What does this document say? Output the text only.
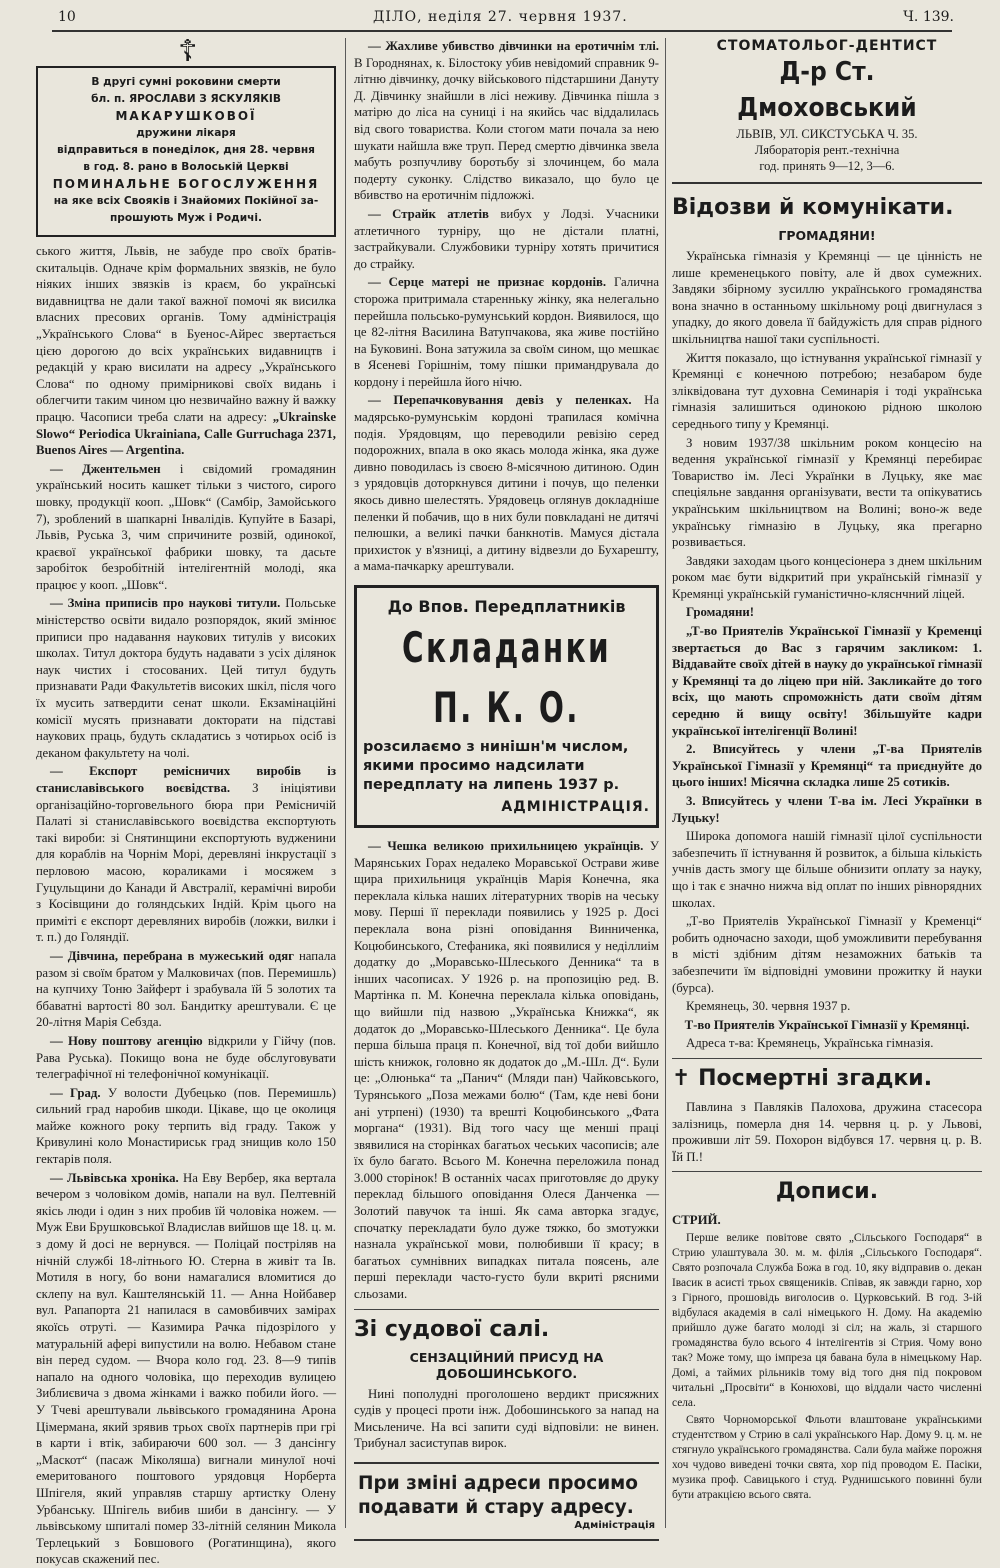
10	ДІЛО, неділя 27. червня 1937.	Ч. 139.
☦
В другі сумні роковини смерти
бл. п. ЯРОСЛАВИ З ЯСКУЛЯКІВ
МАКАРУШКОВОЇ
дружини лікаря
відправиться в понеділок, дня 28. червня
в год. 8. рано в Волоській Церкві
ПОМИНАЛЬНЕ БОГОСЛУЖЕННЯ
на яке всіх Свояків і Знайомих Покійної за-
прошують Муж і Родичі.

ського життя, Львів, не забуде про своїх братів-скитальців. Одначе крім формальних звязків, не було ніяких інших звязків із краєм, бо українські видавництва не дали такої важної помочі як висилка власних пресових органів. Тому адміністрація „Українського Слова“ в Буенос-Айрес звертається цією дорогою до всіх українських видавництв і редакцій у краю висилати на адресу „Українського Слова“ по одному примірникові своїх видань і облегчити таким чином цю незвичайно важну й важку працю. Часописи треба слати на адресу: „Ukrainske Slowo“ Periodica Ukrainiana, Calle Gurruchaga 2371, Buenos Aires — Argentina.

— Джентельмен і свідомий громадянин український носить кашкет тільки з чистого, сирого шовку, продукції кооп. „Шовк“ (Самбір, Замойського 7), зроблений в шапкарні Інвалідів. Купуйте в Базарі, Львів, Руська 3, чим спричините розвій, одинокої, краєвої української фабрики шовку, та дасьте заробіток безробітній інтелігентній молоді, яка працює у кооп. „Шовк“.

— Зміна приписів про наукові титули. Польське міністерство освіти видало розпорядок, який змінює приписи про надавання наукових титулів у високих школах. Титул доктора будуть надавати з усіх ділянок наук чистих і стосованих. Цей титул будуть признавати Ради Факультетів високих шкіл, після чого їх мусить затвердити сенат школи. Екзамінаційні комісії мусять признавати докторати на підставі наукових праць, будуть складатись з чотирьох осіб із деканом факультету на чолі.

— Експорт ремісничих виробів із станиславівського воєвідства. З ініціятиви організаційно-торговельного бюра при Ремісничій Палаті зі станиславівського воєвідства експортують такі вироби: зі Снятинщини експортують вудженини для кораблів на Чорнім Морі, деревляні інкрустації з перловою масою, кораликами і мосяжем з Гуцульщини до Канади й Австралії, керамічні вироби з Косівщини до голяндських Індій. Крім цього на приміті є експорт деревляних виробів (ложки, вилки і т. п.) до Голяндії.

— Дівчина, перебрана в мужеський одяг напала разом зі своїм братом у Малковичах (пов. Перемишль) на купчиху Тоню Зайферт і зрабувала їй 5 золотих та ббаватні вартості 80 зол. Бандитку арештували. Є це 20-літня Марія Себзда.

— Нову поштову агенцію відкрили у Гійчу (пов. Рава Руська). Покищо вона не буде обслуговувати телеграфічної ні телефонічної комунікації.

— Град. У волости Дубецько (пов. Перемишль) сильний град наробив шкоди. Цікаве, що це околиця майже кожного року терпить від граду. Також у Кривулині коло Монастириськ град знищив коло 150 гектарів поля.

— Львівська хроніка. На Еву Вербер, яка вертала вечером з чоловіком домів, напали на вул. Пелтевній якісь люди і один з них пробив їй чоловіка ножем. — Муж Еви Брушковської Владислав вийшов ще 18. ц. м. з дому й досі не вернувся. — Поліцай постріляв на нічній службі 18-літнього Ю. Стерна в живіт та Ів. Мотиля в ногу, бо вони намагалися вломитися до склепу на вул. Каштелянській 11. — Анна Нойбавер вул. Рапапорта 21 напилася в самовбивчих замірах якоїсь отруті. — Казимира Рачка підозрілого у матуральній афері випустили на волю. Небавом стане він перед судом. — Вчора коло год. 23. 8—9 типів напало на одного чоловіка, що переходив вулицею Зиблиєвича з двома жінками і важко побили його. — У Тчеві арештували львівського громадянина Арона Цімермана, який зрявив трьох своїх партнерів при грі в карти і втік, забираючи 600 зол. — З дансінгу „Маскот“ (пасаж Міколяша) вигнали минулої ночі емеритованого поштового урядовця Норберта Шпігеля, який управляв старшу артистку Олену Урбанську. Шпігель вибив шиби в дансінгу. — У львівському шпиталі помер 33-літній селянин Микола Терлецький з Бовшового (Рогатинщина), якого покусав скажений пес.

— Жахливе убивство дівчинки на еротичнім тлі. В Городнянах, к. Білостоку убив невідомий справник 9-літню дівчинку, дочку військового підстаршини Дануту Д. Дівчинку знайшли в лісі неживу. Дівчинка пішла з матірю до ліса на суниці і на якийсь час віддалилась від свого товариства. Коли стогом мати почала за нею шукати найшла вже труп. Перед смертю дівчинка звела мабуть розпучливу боротьбу зі злочинцем, бо мала подерту суконку. Слідство виказало, що було це вбивство на еротичнім підложжі.

— Страйк атлетів вибух у Лодзі. Учасники атлетичного турніру, що не дістали платні, застрайкували. Службовики турніру хотять причитися до страйку.

— Серце матері не признає кордонів. Галична сторожа притримала старенньку жінку, яка нелегально перейшла польсько-румунський кордон. Виявилося, що це 82-літня Василина Ватупчакова, яка живе постійно на Буковині. Вона затужила за своїм сином, що мешкає в Ясеневі Горішнім, тому пішки примандрувала до кордону і перейшла його нічю.

— Перепачковування девіз у пеленках. На мадярсько-румунськім кордоні трапилася комічна подія. Урядовцям, що переводили ревізію серед подорожних, впала в око якась молода жінка, яка дуже дивно поводилась із своєю 8-місячною дитиною. Один з урядовців доторкнувся дитини і почув, що пеленки якось дивно шелестять. Урядовець оглянув докладніше пеленки й побачив, що в них були повкладані не дитячі пелюшки, а великі пачки банкнотів. Мамуся дістала прихисток у в'язниці, а дитину відвезли до Бухарешту, а мама-пачкарку арештували.

До Впов. Передплатників
Складанки П. К. О.
розсилаємо з нинішн'м числом, якими просимо надсилати передплату на липень 1937 р.
АДМІНІСТРАЦІЯ.

— Чешка великою прихильницею українців. У Марянських Горах недалеко Моравської Острави живе щира прихильниця українців Марія Конечна, яка переклала кілька наших літературних творів на чеську мову. Перші її переклади появились у 1925 р. Досі переклала вона різні оповідання Винниченка, Коцюбинського, Стефаника, які появилися у неділлиім додатку до „Моравсько-Шлеського Денника“ та в інших часописах. У 1926 р. на пропозицію ред. В. Мартінка п. М. Конечна переклала кілька оповідань, що вийшли під назвою „Українська Книжка“, як додаток до „Моравсько-Шлеського Денника“. Це була перша більша праця п. Конечної, від тої доби вийшло шість книжок, головно як додаток до „М.-Шл. Д“. Були це: „Олюнька“ та „Панич“ (Мляди пан) Чайковського, Турянського „Поза межами болю“ (Там, кде неві бони ані утрпені) (1930) та врешті Коцюбинського „Фата моргана“ (1931). Від того часу ще менші праці звявилися на сторінках багатьох чеських часописів; але їх було багато. Всього М. Конечна переложила понад 3.000 сторінок! В останніх часах приготовляє до друку переклад більшого оповідання Олеся Данченка — Золотий павучок та інші. Як сама авторка згадує, спочатку перекладати було дуже тяжко, бо змотужки назнала української мови, полюбивши її красу; в багатьох сумнівних випадках питала поясень, але перші переклади часто-густо були вкриті рясними сльозами.

Зі судової салі.
СЕНЗАЦІЙНИЙ ПРИСУД НА ДОБОШИНСЬКОГО.

Нині пополудні проголошено вердикт присяжних судів у процесі проти інж. Добошинського за напад на Мисьлениче. На всі запити суді відповіли: не винен. Трибунал засиступав вирок.

При зміні адреси просимо подавати й стару адресу.
Адміністрація
СТОМАТОЛЬОГ-ДЕНТИСТ
Д-р Ст. Дмоховський
ЛЬВІВ, УЛ. СИКСТУСЬКА Ч. 35.
Лябораторія рент.-технічна
год. принять 9—12, 3—6.
Відозви й комунікати.
ГРОМАДЯНИ!

Українська гімназія у Кремянці — це цінність не лише кременецького повіту, але й двох сумежних. Завдяки збірному зусиллю українського громадянства вона значно в останньому шкільному році двигнулася з упадку, до якого довела її байдужість для справ рідного шкільництва нашої таки суспільності.

Життя показало, що істнування української гімназії у Кремянці є конечною потребою; незабаром буде зліквідована тут духовна Семинарія і тоді українська гімназія залишиться одинокою рідною школою середнього типу у Кремянці.

З новим 1937/38 шкільним роком концесію на ведення української гімназії у Кремянці перебирає Товариство ім. Лесі Українки в Луцьку, яке має спеціяльне завдання організувати, вести та опікуватись українським шкільництвом на Волині; воно-ж веде українську гімназію в Луцьку, яка прегарно розвивається.

Завдяки заходам цього концесіонера з днем шкільним роком має бути відкритий при українській гімназії у Кремянці українській гуманістично-кляснчний ліцей.

Громадяни!

„Т-во Приятелів Української Гімназії у Кременці звертається до Вас з гарячим закликом: 1. Віддавайте своїх дітей в науку до української гімназії у Кремянці та до ліцею при ній. Закликайте до того всіх, що мають спроможність дати своїм дітям середню й вищу освіту! Збільшуйте кадри української інтелігенції Волині!

2. Вписуйтесь у члени „Т-ва Приятелів Української Гімназії у Кремянці“ та приєднуйте до цього інших! Місячна складка лише 25 сотиків.

3. Вписуйтесь у члени Т-ва ім. Лесі Українки в Луцьку!

Широка допомога нашій гімназії цілої суспільности забезпечить її істнування й розвиток, а більша кількість учнів дасть змогу ще більше обнизити оплату за науку, що і так є значно нижча від оплат по інших рівнорядних школах.

„Т-во Приятелів Української Гімназії у Кременці“ робить одночасно заходи, щоб уможливити перебування в місті здібним дітям незаможних батьків та забезпечити їм відповідні умовини прожитку й науки (бурса).

Кремянець, 30. червня 1937 р.

Т-во Приятелів Української Гімназії у Кремянці.

Адреса т-ва: Кремянець, Українська гімназія.

✝ Посмертні згадки.

Павлина з Павляків Палохова, дружина стасесора залізниць, померла дня 14. червня ц. р. у Львові, проживши літ 59. Похорон відбувся 17. червня ц. р. В. Їй П.!

Дописи.

СТРИЙ.

Перше велике повітове свято „Сільського Господаря“ в Стрию улаштувала 30. м. м. філія „Сільського Господаря“. Свято розпочала Служба Божа в год. 10, яку відправив о. декан Івасик в асисті трьох священиків. Співав, як завжди гарно, хор з Гірного, прошовідь виголосив о. Цурковський. В год. 3-ій відбулася академія в салі німецького Н. Дому. На академію прийшло дуже багато молоді зі сіл; на жаль, зі старшого громадянства було всього 4 інтелігентів зі Стрия. Чому воно так? Може тому, що імпреза ця бавана була в німецькому Нар. Домі, а таймих рільників тому від того дня під покровом читальні „Просвіти“ в Конюхові, що віддали часто численні села.

Свято Чорноморської Фльоти влаштоване українськими студентством у Стрию в салі українського Нар. Дому 9. ц. м. не стягнуло українського громадянства. Сали була майже порожня хоч чудово виведені точки свята, хор під проводом Е. Пасіки, музика проф. Савицького і студ. Руднишського повинні були бути атракцією всього свята.
